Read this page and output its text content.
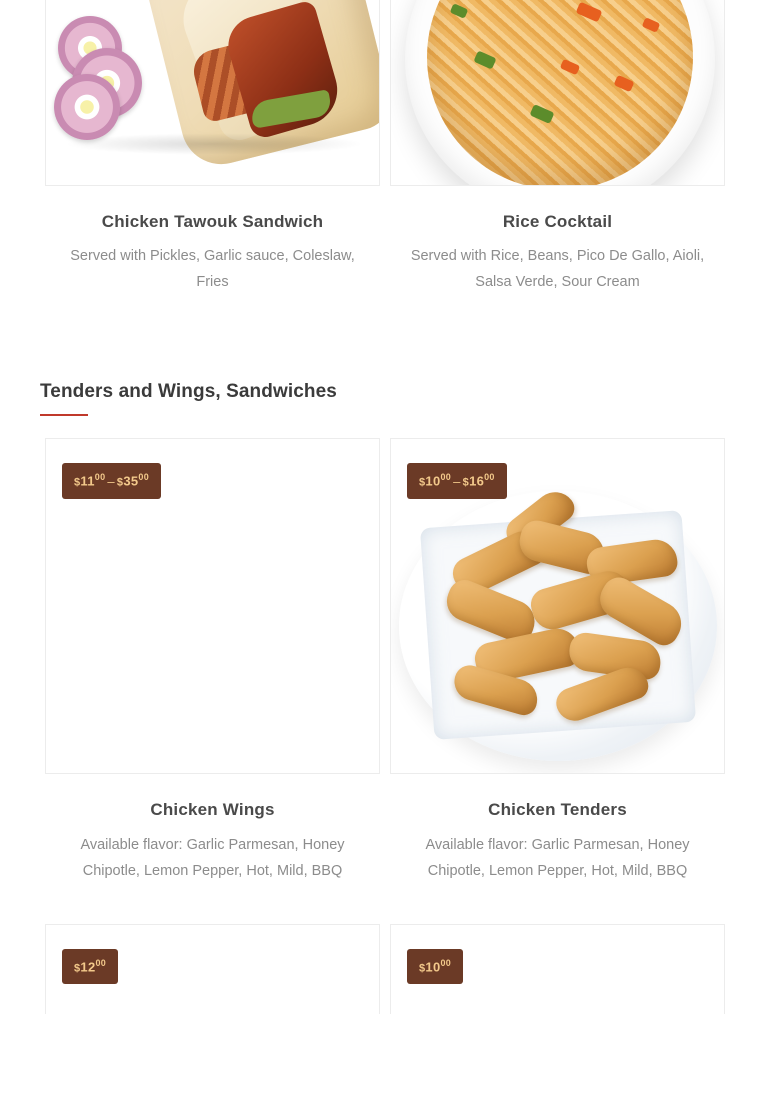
Chicken Tawouk Sandwich
Served with Pickles, Garlic sauce, Coleslaw, Fries
Rice Cocktail
Served with Rice, Beans, Pico De Gallo, Aioli, Salsa Verde, Sour Cream
Tenders and Wings, Sandwiches
$\$11^{00}$ – $\$35^{00}$
Chicken Wings
Available flavor: Garlic Parmesan, Honey Chipotle, Lemon Pepper, Hot, Mild, BBQ
$\$10^{00}$ – $\$16^{00}$
Chicken Tenders
Available flavor: Garlic Parmesan, Honey Chipotle, Lemon Pepper, Hot, Mild, BBQ
$\$12^{00}$	$\$10^{00}$
